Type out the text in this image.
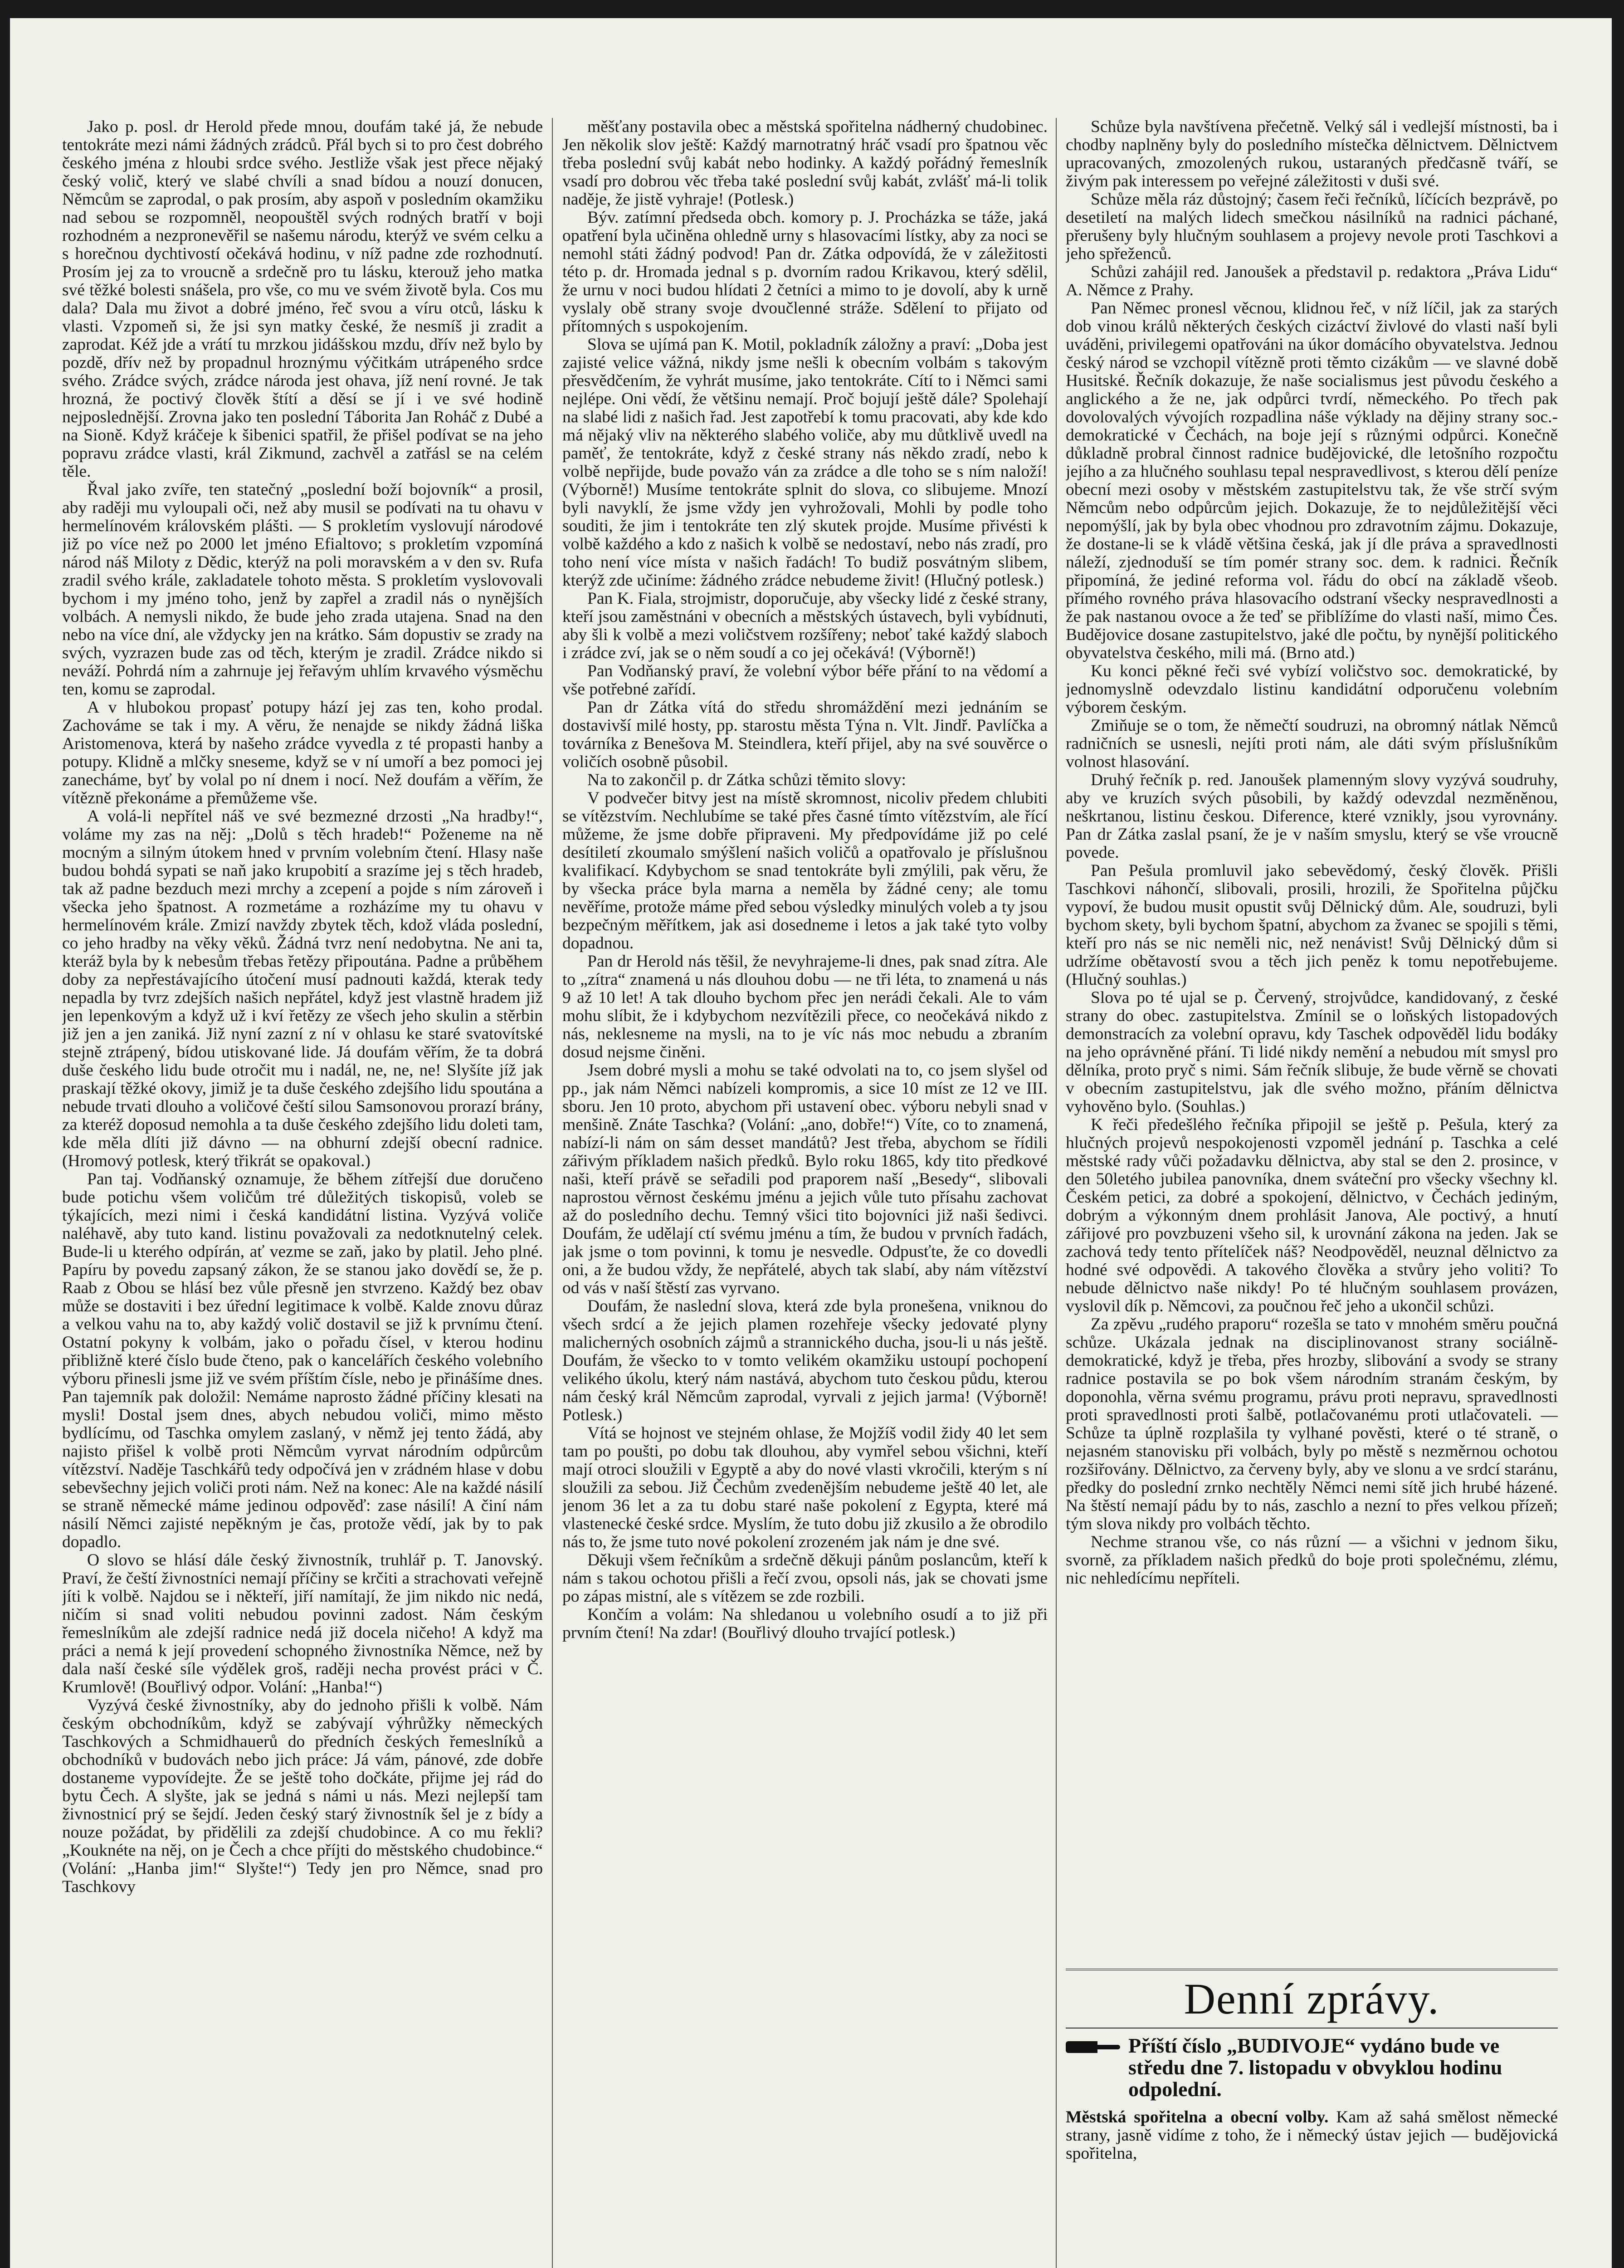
Jako p. posl. dr Herold přede mnou, doufám také já, že nebude tentokráte mezi námi žádných zrádců. Přál bych si to pro čest dobrého českého jména z hloubi srdce svého. Jestliže však jest přece nějaký český volič, který ve slabé chvíli a snad bídou a nouzí donucen, Němcům se zaprodal, o pak prosím, aby aspoň v posledním okamžiku nad sebou se rozpomněl, neopouštěl svých rodných bratří v boji rozhodném a nezpronevěřil se našemu národu, kterýž ve svém celku a s horečnou dychtivostí očekává hodinu, v níž padne zde rozhodnutí. Prosím jej za to vroucně a srdečně pro tu lásku, kterouž jeho matka své těžké bolesti snášela, pro vše, co mu ve svém životě byla. Cos mu dala? Dala mu život a dobré jméno, řeč svou a víru otců, lásku k vlasti. Vzpomeň si, že jsi syn matky české, že nesmíš ji zradit a zaprodat. Kéž jde a vrátí tu mrzkou jidášskou mzdu, dřív než bylo by pozdě, dřív než by propadnul hroznýmu výčitkám utrápeného srdce svého. Zrádce svých, zrádce národa jest ohava, jíž není rovné. Je tak hrozná, že poctivý člověk štítí a děsí se jí i ve své hodině nejposlednější. Zrovna jako ten poslední Táborita Jan Roháč z Dubé a na Sioně. Když kráčeje k šibenici spatřil, že přišel podívat se na jeho popravu zrádce vlasti, král Zikmund, zachvěl a zatřásl se na celém těle.

Řval jako zvíře, ten statečný „poslední boží bojovník“ a prosil, aby raději mu vyloupali oči, než aby musil se podívati na tu ohavu v hermelínovém královském plášti. — S prokletím vyslovují národové již po více než po 2000 let jméno Efialtovo; s prokletím vzpomíná národ náš Miloty z Dědic, kterýž na poli moravském a v den sv. Rufa zradil svého krále, zakladatele tohoto města. S prokletím vyslovovali bychom i my jméno toho, jenž by zapřel a zradil nás o nynějších volbách. A nemysli nikdo, že bude jeho zrada utajena. Snad na den nebo na více dní, ale vždycky jen na krátko. Sám dopustiv se zrady na svých, vyzrazen bude zas od těch, kterým je zradil. Zrádce nikdo si neváží. Pohrdá ním a zahrnuje jej řeřavým uhlím krvavého výsměchu ten, komu se zaprodal.

A v hlubokou propasť potupy hází jej zas ten, koho prodal. Zachováme se tak i my. A věru, že nenajde se nikdy žádná liška Aristomenova, která by našeho zrádce vyvedla z té propasti hanby a potupy. Klidně a mlčky sneseme, když se v ní umoří a bez pomoci jej zanecháme, byť by volal po ní dnem i nocí. Než doufám a věřím, že vítězně překonáme a přemůžeme vše.

A volá-li nepřítel náš ve své bezmezné drzosti „Na hradby!“, voláme my zas na něj: „Dolů s těch hradeb!“ Poženeme na ně mocným a silným útokem hned v prvním volebním čtení. Hlasy naše budou bohdá sypati se naň jako krupobití a srazíme jej s těch hradeb, tak až padne bezduch mezi mrchy a zcepení a pojde s ním zároveň i všecka jeho špatnost. A rozmetáme a rozházíme my tu ohavu v hermelínovém krále. Zmizí navždy zbytek těch, kdož vláda poslední, co jeho hradby na věky věků. Žádná tvrz není nedobytna. Ne ani ta, kteráž byla by k nebesům třebas řetězy připoutána. Padne a průběhem doby za nepřestávajícího útočení musí padnouti každá, kterak tedy nepadla by tvrz zdejších našich nepřátel, když jest vlastně hradem již jen lepenkovým a když už i kví řetězy ze všech jeho skulin a stěrbin již jen a jen zaniká. Již nyní zazní z ní v ohlasu ke staré svatovítské stejně ztrápený, bídou utiskované lide. Já doufám věřím, že ta dobrá duše českého lidu bude otročit mu i nadál, ne, ne, ne! Slyšíte jíž jak praskají těžké okovy, jimiž je ta duše českého zdejšího lidu spoutána a nebude trvati dlouho a voličové čeští silou Samsonovou prorazí brány, za kteréž doposud nemohla a ta duše českého zdejšího lidu doleti tam, kde měla dlíti již dávno — na obhurní zdejší obecní radnice. (Hromový potlesk, který třikrát se opakoval.)

Pan taj. Vodňanský oznamuje, že během zítřejší due doručeno bude potichu všem voličům tré důležitých tiskopisů, voleb se týkajících, mezi nimi i česká kandidátní listina. Vyzývá voliče naléhavě, aby tuto kand. listinu považovali za nedotknutelný celek. Bude-li u kterého odpírán, ať vezme se zaň, jako by platil. Jeho plné. Papíru by povedu zapsaný zákon, že se stanou jako dovědí se, že p. Raab z Obou se hlásí bez vůle přesně jen stvrzeno. Každý bez obav může se dostaviti i bez úřední legitimace k volbě. Kalde znovu důraz a velkou vahu na to, aby každý volič dostavil se již k prvnímu čtení. Ostatní pokyny k volbám, jako o pořadu čísel, v kterou hodinu přibližně které číslo bude čteno, pak o kancelářích českého volebního výboru přinesli jsme již ve svém příštím čísle, nebo je přinášíme dnes. Pan tajemník pak doložil: Nemáme naprosto žádné příčiny klesati na mysli! Dostal jsem dnes, abych nebudou voliči, mimo město bydlícímu, od Taschka omylem zaslaný, v němž jej tento žádá, aby najisto přišel k volbě proti Němcům vyrvat národním odpůrcům vítězství. Naděje Taschkářů tedy odpočívá jen v zrádném hlase v dobu sebevšechny jejich voliči proti nám. Než na konec: Ale na každé násilí se straně německé máme jedinou odpověď: zase násilí! A činí nám násilí Němci zajisté nepěkným je čas, protože vědí, jak by to pak dopadlo.

O slovo se hlásí dále český živnostník, truhlář p. T. Janovský. Praví, že čeští živnostníci nemají příčiny se krčiti a strachovati veřejně jíti k volbě. Najdou se i někteří, jiří namítají, že jim nikdo nic nedá, ničím si snad voliti nebudou povinni zadost. Nám českým řemeslníkům ale zdejší radnice nedá již docela ničeho! A když ma práci a nemá k její provedení schopného živnostníka Němce, než by dala naší české síle výdělek groš, raději necha provést práci v Č. Krumlově! (Bouřlivý odpor. Volání: „Hanba!“)

Vyzývá české živnostníky, aby do jednoho přišli k volbě. Nám českým obchodníkům, když se zabývají výhrůžky německých Taschkových a Schmidhauerů do předních českých řemeslníků a obchodníků v budovách nebo jich práce: Já vám, pánové, zde dobře dostaneme vypovídejte. Že se ještě toho dočkáte, přijme jej rád do bytu Čech. A slyšte, jak se jedná s námi u nás. Mezi nejlepší tam živnostnicí prý se šejdí. Jeden český starý živnostník šel je z bídy a nouze požádat, by přidělili za zdejší chudobince. A co mu řekli? „Kouknéte na něj, on je Čech a chce příjti do městského chudobince.“ (Volání: „Hanba jim!“ Slyšte!“) Tedy jen pro Němce, snad pro Taschkovy

měšťany postavila obec a městská spořitelna nádherný chudobinec. Jen několik slov ještě: Každý marnotratný hráč vsadí pro špatnou věc třeba poslední svůj kabát nebo hodinky. A každý pořádný řemeslník vsadí pro dobrou věc třeba také poslední svůj kabát, zvlášť má-li tolik naděje, že jistě vyhraje! (Potlesk.)

Býv. zatímní předseda obch. komory p. J. Procházka se táže, jaká opatření byla učiněna ohledně urny s hlasovacími lístky, aby za noci se nemohl státi žádný podvod! Pan dr. Zátka odpovídá, že v záležitosti této p. dr. Hromada jednal s p. dvorním radou Krikavou, který sdělil, že urnu v noci budou hlídati 2 četníci a mimo to je dovolí, aby k urně vyslaly obě strany svoje dvoučlenné stráže. Sdělení to přijato od přítomných s uspokojením.

Slova se ujímá pan K. Motil, pokladník záložny a praví: „Doba jest zajisté velice vážná, nikdy jsme nešli k obecním volbám s takovým přesvědčením, že vyhrát musíme, jako tentokráte. Cítí to i Němci sami nejlépe. Oni vědí, že většinu nemají. Proč bojují ještě dále? Spolehají na slabé lidi z našich řad. Jest zapotřebí k tomu pracovati, aby kde kdo má nějaký vliv na některého slabého voliče, aby mu důtklivě uvedl na paměť, že tentokráte, když z české strany nás někdo zradí, nebo k volbě nepřijde, bude považo ván za zrádce a dle toho se s ním naloží! (Výborně!) Musíme tentokráte splnit do slova, co slibujeme. Mnozí byli navyklí, že jsme vždy jen vyhrožovali, Mohli by podle toho souditi, že jim i tentokráte ten zlý skutek projde. Musíme přivésti k volbě každého a kdo z našich k volbě se nedostaví, nebo nás zradí, pro toho není více místa v našich řadách! To budiž posvátným slibem, kterýž zde učiníme: žádného zrádce nebudeme živit! (Hlučný potlesk.)

Pan K. Fiala, strojmistr, doporučuje, aby všecky lidé z české strany, kteří jsou zaměstnáni v obecních a městských ústavech, byli vybídnuti, aby šli k volbě a mezi voličstvem rozšířeny; neboť také každý slaboch i zrádce zví, jak se o něm soudí a co jej očekává! (Výborně!)

Pan Vodňanský praví, že volební výbor béře přání to na vědomí a vše potřebné zařídí.

Pan dr Zátka vítá do středu shromáždění mezi jednáním se dostavivší milé hosty, pp. starostu města Týna n. Vlt. Jindř. Pavlíčka a továrníka z Benešova M. Steindlera, kteří přijel, aby na své souvěrce o voličích osobně působil.

Na to zakončil p. dr Zátka schůzi těmito slovy:

V podvečer bitvy jest na místě skromnost, nicoliv předem chlubiti se vítězstvím. Nechlubíme se také přes časné tímto vítězstvím, ale řící můžeme, že jsme dobře připraveni. My předpovídáme již po celé desítiletí zkoumalo smýšlení našich voličů a opatřovalo je příslušnou kvalifikací. Kdybychom se snad tentokráte byli zmýlili, pak věru, že by všecka práce byla marna a neměla by žádné ceny; ale tomu nevěříme, protože máme před sebou výsledky minulých voleb a ty jsou bezpečným měřítkem, jak asi dosedneme i letos a jak také tyto volby dopadnou.

Pan dr Herold nás těšil, že nevyhrajeme-li dnes, pak snad zítra. Ale to „zítra“ znamená u nás dlouhou dobu — ne tři léta, to znamená u nás 9 až 10 let! A tak dlouho bychom přec jen nerádi čekali. Ale to vám mohu slíbit, že i kdybychom nezvítězili přece, co neočekává nikdo z nás, neklesneme na mysli, na to je víc nás moc nebudu a zbraním dosud nejsme činěni.

Jsem dobré mysli a mohu se také odvolati na to, co jsem slyšel od pp., jak nám Němci nabízeli kompromis, a sice 10 míst ze 12 ve III. sboru. Jen 10 proto, abychom při ustavení obec. výboru nebyli snad v menšině. Znáte Taschka? (Volání: „ano, dobře!“) Víte, co to znamená, nabízí-li nám on sám desset mandátů? Jest třeba, abychom se řídili zářivým příkladem našich předků. Bylo roku 1865, kdy tito předkové naši, kteří právě se seřadili pod praporem naší „Besedy“, slibovali naprostou věrnost českému jménu a jejich vůle tuto přísahu zachovat až do posledního dechu. Temný všici tito bojovníci již naši šedivci. Doufám, že udělají ctí svému jménu a tím, že budou v prvních řadách, jak jsme o tom povinni, k tomu je nesvedle. Odpusťte, že co dovedli oni, a že budou vždy, že nepřátelé, abych tak slabí, aby nám vítězství od vás v naší štěstí zas vyrvano.

Doufám, že naslední slova, která zde byla pronešena, vniknou do všech srdcí a že jejich plamen rozehřeje všecky jedovaté plyny malicherných osobních zájmů a strannického ducha, jsou-li u nás ještě. Doufám, že všecko to v tomto velikém okamžiku ustoupí pochopení velikého úkolu, který nám nastává, abychom tuto českou půdu, kterou nám český král Němcům zaprodal, vyrvali z jejich jarma! (Výborně! Potlesk.)

Vítá se hojnost ve stejném ohlase, že Mojžíš vodil židy 40 let sem tam po poušti, po dobu tak dlouhou, aby vymřel sebou všichni, kteří mají otroci sloužili v Egyptě a aby do nové vlasti vkročili, kterým s ní sloužili za sebou. Již Čechům zvedenějším nebudeme ještě 40 let, ale jenom 36 let a za tu dobu staré naše pokolení z Egypta, které má vlastenecké české srdce. Myslím, že tuto dobu již zkusilo a že obrodilo nás to, že jsme tuto nové pokolení zrozeném jak nám je dne své.

Děkuji všem řečníkům a srdečně děkuji pánům poslancům, kteří k nám s takou ochotou přišli a řečí zvou, opsoli nás, jak se chovati jsme po zápas mistní, ale s vítězem se zde rozbili.

Končím a volám: Na shledanou u volebního osudí a to již při prvním čtení! Na zdar! (Bouřlivý dlouho trvající potlesk.)

Schůze byla navštívena přečetně. Velký sál i vedlejší místnosti, ba i chodby naplněny byly do posledního místečka dělnictvem. Dělnictvem upracovaných, zmozolených rukou, ustaraných předčasně tváří, se živým pak interessem po veřejné záležitosti v duši své.

Schůze měla ráz důstojný; časem řeči řečníků, líčících bezprávě, po desetiletí na malých lidech smečkou násilníků na radnici páchané, přerušeny byly hlučným souhlasem a projevy nevole proti Taschkovi a jeho spřeženců.

Schůzi zahájil red. Janoušek a představil p. redaktora „Práva Lidu“ A. Němce z Prahy.

Pan Němec pronesl věcnou, klidnou řeč, v níž líčil, jak za starých dob vinou králů některých českých cizáctví živlové do vlasti naší byli uváděni, privilegemi opatřováni na úkor domácího obyvatelstva. Jednou český národ se vzchopil vítězně proti těmto cizákům — ve slavné době Husitské. Řečník dokazuje, že naše socialismus jest původu českého a anglického a že ne, jak odpůrci tvrdí, německého. Po třech pak dovolovalých vývojích rozpadlina náše výklady na dějiny strany soc.-demokratické v Čechách, na boje její s různými odpůrci. Konečně důkladně probral činnost radnice budějovické, dle letošního rozpočtu jejího a za hlučného souhlasu tepal nespravedlivost, s kterou dělí peníze obecní mezi osoby v městském zastupitelstvu tak, že vše strčí svým Němcům nebo odpůrcům jejich. Dokazuje, že to nejdůležitější věci nepomýšlí, jak by byla obec vhodnou pro zdravotním zájmu. Dokazuje, že dostane-li se k vládě většina česká, jak jí dle práva a spravedlnosti náleží, zjednoduší se tím pomér strany soc. dem. k radnici. Řečník připomíná, že jediné reforma vol. řádu do obcí na základě všeob. přímého rovného práva hlasovacího odstraní všecky nespravedlnosti a že pak nastanou ovoce a že teď se přiblížíme do vlasti naší, mimo Čes. Budějovice dosane zastupitelstvo, jaké dle počtu, by nynější politického obyvatelstva českého, mili má. (Brno atd.)

Ku konci pěkné řeči své vybízí voličstvo soc. demokratické, by jednomyslně odevzdalo listinu kandidátní odporučenu volebním výborem českým.

Zmiňuje se o tom, že němečtí soudruzi, na obromný nátlak Němců radničních se usnesli, nejíti proti nám, ale dáti svým příslušníkům volnost hlasování.

Druhý řečník p. red. Janoušek plamenným slovy vyzývá soudruhy, aby ve kruzích svých působili, by každý odevzdal nezměněnou, neškrtanou, listinu českou. Diference, které vznikly, jsou vyrovnány. Pan dr Zátka zaslal psaní, že je v naším smyslu, který se vše vroucně povede.

Pan Pešula promluvil jako sebevědomý, český člověk. Přišli Taschkovi náhončí, slibovali, prosili, hrozili, že Spořitelna půjčku vypoví, že budou musit opustit svůj Dělnický dům. Ale, soudruzi, byli bychom skety, byli bychom špatní, abychom za žvanec se spojili s těmi, kteří pro nás se nic neměli nic, než nenávist! Svůj Dělnický dům si udržíme obětavostí svou a těch jich peněz k tomu nepotřebujeme. (Hlučný souhlas.)

Slova po té ujal se p. Červený, strojvůdce, kandidovaný, z české strany do obec. zastupitelstva. Zmínil se o loňských listopadových demonstracích za volební opravu, kdy Taschek odpověděl lidu bodáky na jeho oprávněné přání. Ti lidé nikdy nemění a nebudou mít smysl pro dělníka, proto pryč s nimi. Sám řečník slibuje, že bude věrně se chovati v obecním zastupitelstvu, jak dle svého možno, přáním dělnictva vyhověno bylo. (Souhlas.)

K řeči předešlého řečníka připojil se ještě p. Pešula, který za hlučných projevů nespokojenosti vzpoměl jednání p. Taschka a celé městské rady vůči požadavku dělnictva, aby stal se den 2. prosince, v den 50letého jubilea panovníka, dnem sváteční pro všecky všechny kl. Českém petici, za dobré a spokojení, dělnictvo, v Čechách jediným, dobrým a výkonným dnem prohlásit Janova, Ale poctivý, a hnutí zářijové pro povzbuzeni všeho sil, k urovnání zákona na jeden. Jak se zachová tedy tento přítelíček náš? Neodpověděl, neuznal dělnictvo za hodné své odpovědi. A takového člověka a stvůry jeho voliti? To nebude dělnictvo naše nikdy! Po té hlučným souhlasem provázen, vyslovil dík p. Němcovi, za poučnou řeč jeho a ukončil schůzi.

Za zpěvu „rudého praporu“ rozešla se tato v mnohém směru poučná schůze. Ukázala jednak na disciplinovanost strany sociálně-demokratické, když je třeba, přes hrozby, slibování a svody se strany radnice postavila se po bok všem národním stranám českým, by doponohla, věrna svému programu, právu proti nepravu, spravedlnosti proti spravedlnosti proti šalbě, potlačovanému proti utlačovateli. — Schůze ta úplně rozplašila ty vylhané pověsti, které o té straně, o nejasném stanovisku při volbách, byly po městě s nezměrnou ochotou rozšiřovány. Dělnictvo, za červeny byly, aby ve slonu a ve srdcí staránu, předky do poslední zrnko nechtěly Němci nemi sítě jich hrubé házené. Na štěstí nemají pádu by to nás, zaschlo a nezní to přes velkou přízeň; tým slova nikdy pro volbách těchto.

Nechme stranou vše, co nás různí — a všichni v jednom šiku, svorně, za příkladem našich předků do boje proti společnému, zlému, nic nehledícímu nepříteli.

Denní zprávy.
Příští číslo „BUDIVOJE“ vydáno bude ve středu dne 7. listopadu v obvyklou hodinu odpolední.
Městská spořitelna a obecní volby. Kam až sahá smělost německé strany, jasně vidíme z toho, že i německý ústav jejich — budějovická spořitelna,
